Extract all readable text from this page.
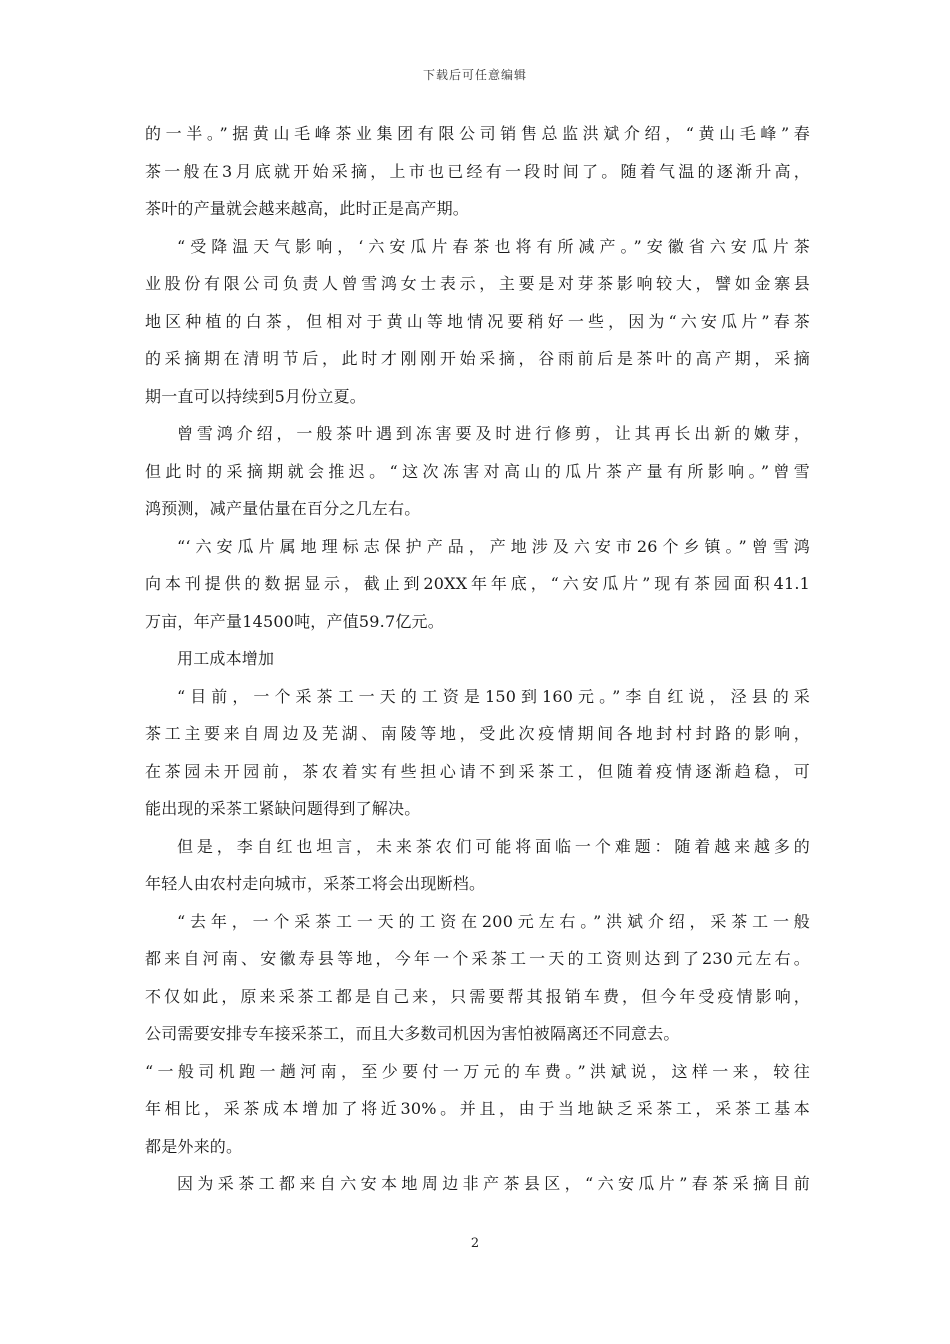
下载后可任意编辑

的一半。”据黄山毛峰茶业集团有限公司销售总监洪斌介绍，“黄山毛峰”春

茶一般在3月底就开始采摘，上市也已经有一段时间了。随着气温的逐渐升高，

茶叶的产量就会越来越高，此时正是高产期。

“受降温天气影响，‘六安瓜片春茶也将有所减产。”安徽省六安瓜片茶

业股份有限公司负责人曾雪鸿女士表示，主要是对芽茶影响较大，譬如金寨县

地区种植的白茶，但相对于黄山等地情况要稍好一些，因为“六安瓜片”春茶

的采摘期在清明节后，此时才刚刚开始采摘，谷雨前后是茶叶的高产期，采摘

期一直可以持续到5月份立夏。

曾雪鸿介绍，一般茶叶遇到冻害要及时进行修剪，让其再长出新的嫩芽，

但此时的采摘期就会推迟。“这次冻害对高山的瓜片茶产量有所影响。”曾雪

鸿预测，减产量估量在百分之几左右。

“‘六安瓜片属地理标志保护产品，产地涉及六安市26个乡镇。”曾雪鸿

向本刊提供的数据显示，截止到20XX年年底，“六安瓜片”现有茶园面积41.1

万亩，年产量14500吨，产值59.7亿元。

用工成本增加

“目前，一个采茶工一天的工资是150到160元。”李自红说，泾县的采

茶工主要来自周边及芜湖、南陵等地，受此次疫情期间各地封村封路的影响，

在茶园未开园前，茶农着实有些担心请不到采茶工，但随着疫情逐渐趋稳，可

能出现的采茶工紧缺问题得到了解决。

但是，李自红也坦言，未来茶农们可能将面临一个难题：随着越来越多的

年轻人由农村走向城市，采茶工将会出现断档。

“去年，一个采茶工一天的工资在200元左右。”洪斌介绍，采茶工一般

都来自河南、安徽寿县等地，今年一个采茶工一天的工资则达到了230元左右。

不仅如此，原来采茶工都是自己来，只需要帮其报销车费，但今年受疫情影响，

公司需要安排专车接采茶工，而且大多数司机因为害怕被隔离还不同意去。

“一般司机跑一趟河南，至少要付一万元的车费。”洪斌说，这样一来，较往

年相比，采茶成本增加了将近30%。并且，由于当地缺乏采茶工，采茶工基本

都是外来的。

因为采茶工都来自六安本地周边非产茶县区，“六安瓜片”春茶采摘目前

2
